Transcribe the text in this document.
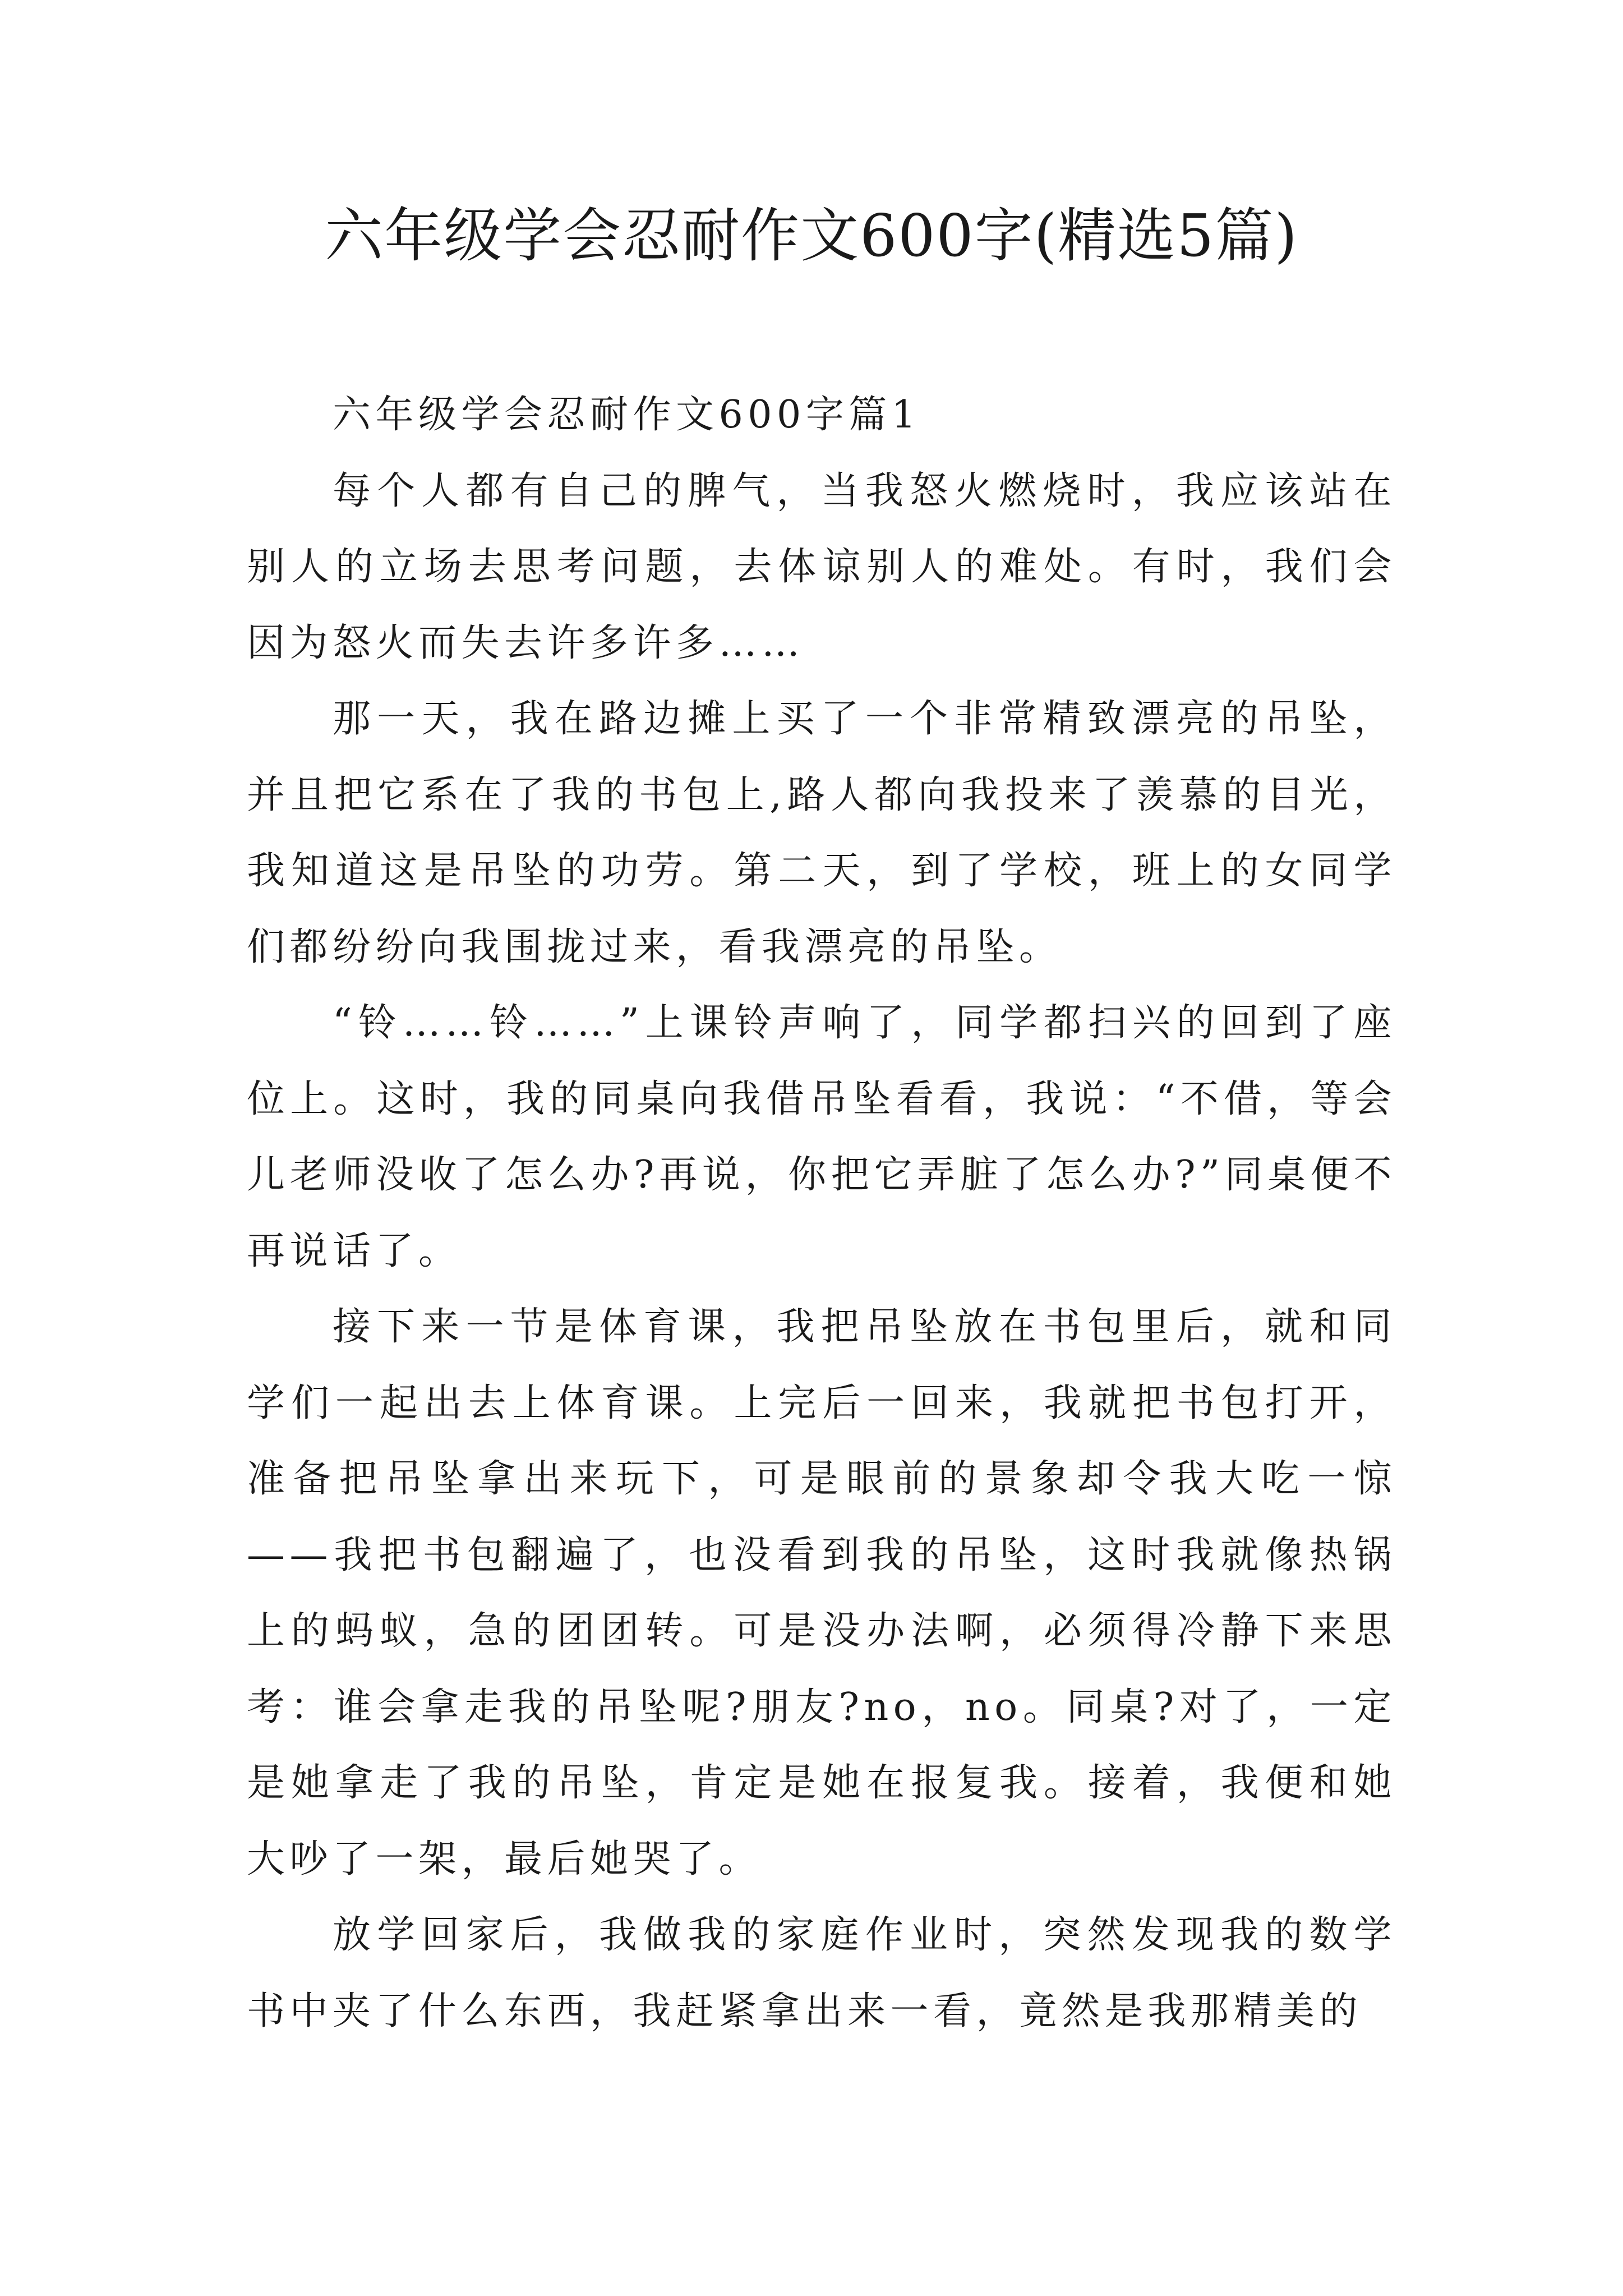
六年级学会忍耐作文600字(精选5篇)

六年级学会忍耐作文600字篇1

每个人都有自己的脾气，当我怒火燃烧时，我应该站在别人的立场去思考问题，去体谅别人的难处。有时，我们会因为怒火而失去许多许多……

那一天，我在路边摊上买了一个非常精致漂亮的吊坠，并且把它系在了我的书包上,路人都向我投来了羡慕的目光，我知道这是吊坠的功劳。第二天，到了学校，班上的女同学们都纷纷向我围拢过来，看我漂亮的吊坠。

“铃……铃……”上课铃声响了，同学都扫兴的回到了座位上。这时，我的同桌向我借吊坠看看，我说：“不借，等会儿老师没收了怎么办?再说，你把它弄脏了怎么办?”同桌便不再说话了。

接下来一节是体育课，我把吊坠放在书包里后，就和同学们一起出去上体育课。上完后一回来，我就把书包打开，准备把吊坠拿出来玩下，可是眼前的景象却令我大吃一惊——我把书包翻遍了，也没看到我的吊坠，这时我就像热锅上的蚂蚁，急的团团转。可是没办法啊，必须得冷静下来思考：谁会拿走我的吊坠呢?朋友?no，no。同桌?对了，一定是她拿走了我的吊坠，肯定是她在报复我。接着，我便和她大吵了一架，最后她哭了。

放学回家后，我做我的家庭作业时，突然发现我的数学书中夹了什么东西，我赶紧拿出来一看，竟然是我那精美的
